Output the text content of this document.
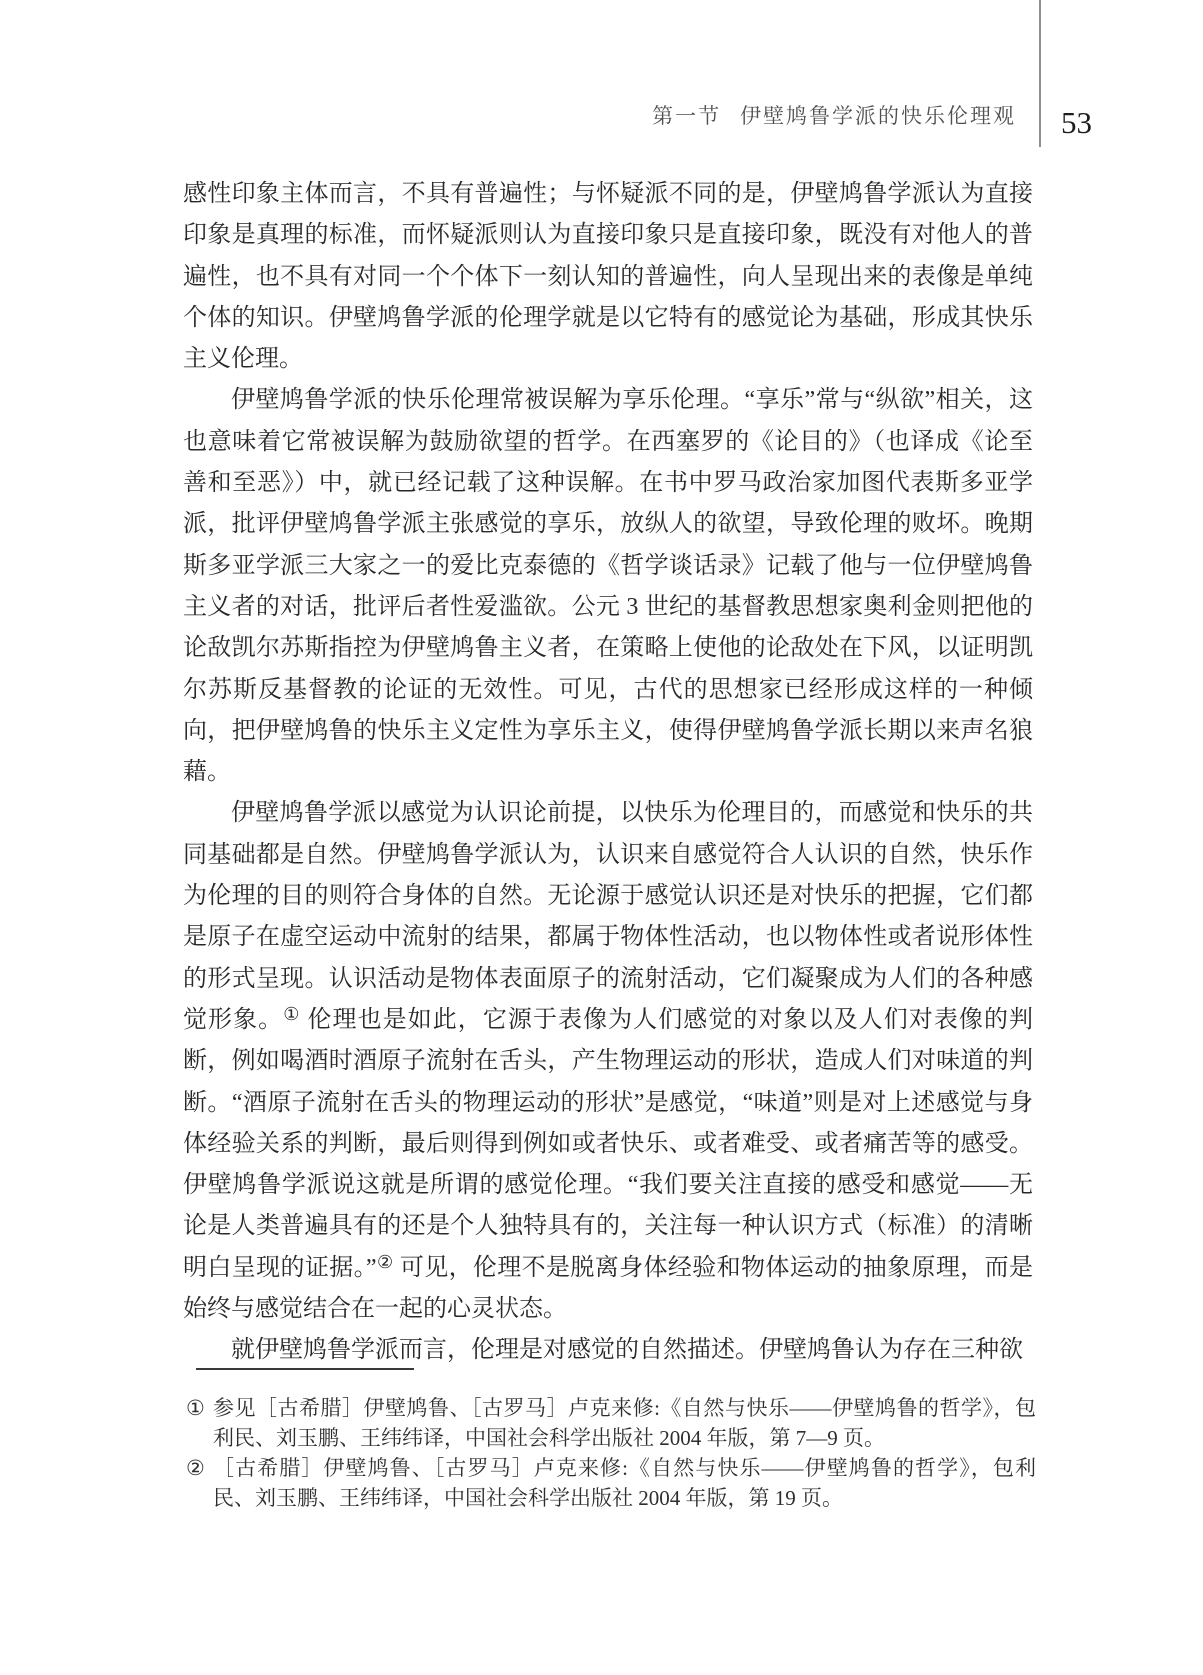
第一节 伊壁鸠鲁学派的快乐伦理观 53

感性印象主体而言，不具有普遍性；与怀疑派不同的是，伊壁鸠鲁学派认为直接印象是真理的标准，而怀疑派则认为直接印象只是直接印象，既没有对他人的普遍性，也不具有对同一个个体下一刻认知的普遍性，向人呈现出来的表像是单纯个体的知识。伊壁鸠鲁学派的伦理学就是以它特有的感觉论为基础，形成其快乐主义伦理。

伊壁鸠鲁学派的快乐伦理常被误解为享乐伦理。“享乐”常与“纵欲”相关，这也意味着它常被误解为鼓励欲望的哲学。在西塞罗的《论目的》（也译成《论至善和至恶》）中，就已经记载了这种误解。在书中罗马政治家加图代表斯多亚学派，批评伊壁鸠鲁学派主张感觉的享乐，放纵人的欲望，导致伦理的败坏。晚期斯多亚学派三大家之一的爱比克泰德的《哲学谈话录》记载了他与一位伊壁鸠鲁主义者的对话，批评后者性爱滥欲。公元 3 世纪的基督教思想家奥利金则把他的论敌凯尔苏斯指控为伊壁鸠鲁主义者，在策略上使他的论敌处在下风，以证明凯尔苏斯反基督教的论证的无效性。可见，古代的思想家已经形成这样的一种倾向，把伊壁鸠鲁的快乐主义定性为享乐主义，使得伊壁鸠鲁学派长期以来声名狼藉。

伊壁鸠鲁学派以感觉为认识论前提，以快乐为伦理目的，而感觉和快乐的共同基础都是自然。伊壁鸠鲁学派认为，认识来自感觉符合人认识的自然，快乐作为伦理的目的则符合身体的自然。无论源于感觉认识还是对快乐的把握，它们都是原子在虚空运动中流射的结果，都属于物体性活动，也以物体性或者说形体性的形式呈现。认识活动是物体表面原子的流射活动，它们凝聚成为人们的各种感觉形象。① 伦理也是如此，它源于表像为人们感觉的对象以及人们对表像的判断，例如喝酒时酒原子流射在舌头，产生物理运动的形状，造成人们对味道的判断。“酒原子流射在舌头的物理运动的形状”是感觉，“味道”则是对上述感觉与身体经验关系的判断，最后则得到例如或者快乐、或者难受、或者痛苦等的感受。伊壁鸠鲁学派说这就是所谓的感觉伦理。“我们要关注直接的感受和感觉——无论是人类普遍具有的还是个人独特具有的，关注每一种认识方式（标准）的清晰明白呈现的证据。”② 可见，伦理不是脱离身体经验和物体运动的抽象原理，而是始终与感觉结合在一起的心灵状态。

就伊壁鸠鲁学派而言，伦理是对感觉的自然描述。伊壁鸠鲁认为存在三种欲

① 参见［古希腊］伊壁鸠鲁、［古罗马］卢克来修:《自然与快乐——伊壁鸠鲁的哲学》，包利民、刘玉鹏、王纬纬译，中国社会科学出版社 2004 年版，第 7—9 页。
② ［古希腊］伊壁鸠鲁、［古罗马］卢克来修:《自然与快乐——伊壁鸠鲁的哲学》，包利民、刘玉鹏、王纬纬译，中国社会科学出版社 2004 年版，第 19 页。
